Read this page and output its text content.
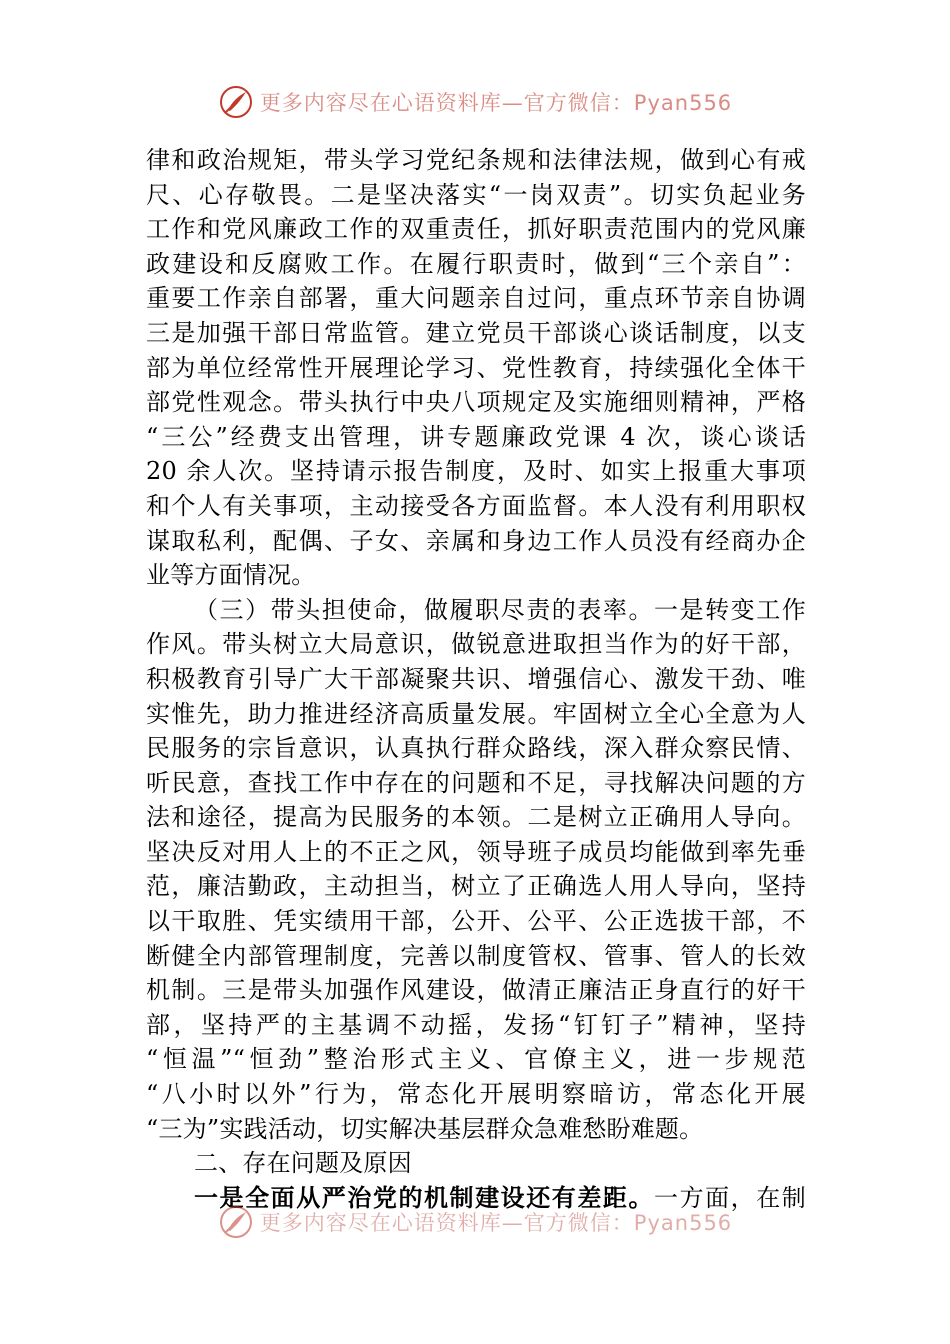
更多内容尽在心语资料库—官方微信：Pyan556
律和政治规矩，带头学习党纪条规和法律法规，做到心有戒
尺、心存敬畏。二是坚决落实“一岗双责”。切实负起业务
工作和党风廉政工作的双重责任，抓好职责范围内的党风廉
政建设和反腐败工作。在履行职责时，做到“三个亲自”：
重要工作亲自部署，重大问题亲自过问，重点环节亲自协调
三是加强干部日常监管。建立党员干部谈心谈话制度，以支
部为单位经常性开展理论学习、党性教育，持续强化全体干
部党性观念。带头执行中央八项规定及实施细则精神，严格
“三公”经费支出管理，讲专题廉政党课 4 次，谈心谈话
20 余人次。坚持请示报告制度，及时、如实上报重大事项
和个人有关事项，主动接受各方面监督。本人没有利用职权
谋取私利，配偶、子女、亲属和身边工作人员没有经商办企
业等方面情况。
（三）带头担使命，做履职尽责的表率。一是转变工作
作风。带头树立大局意识，做锐意进取担当作为的好干部，
积极教育引导广大干部凝聚共识、增强信心、激发干劲、唯
实惟先，助力推进经济高质量发展。牢固树立全心全意为人
民服务的宗旨意识，认真执行群众路线，深入群众察民情、
听民意，查找工作中存在的问题和不足，寻找解决问题的方
法和途径，提高为民服务的本领。二是树立正确用人导向。
坚决反对用人上的不正之风，领导班子成员均能做到率先垂
范，廉洁勤政，主动担当，树立了正确选人用人导向，坚持
以干取胜、凭实绩用干部，公开、公平、公正选拔干部，不
断健全内部管理制度，完善以制度管权、管事、管人的长效
机制。三是带头加强作风建设，做清正廉洁正身直行的好干
部，坚持严的主基调不动摇，发扬“钉钉子”精神，坚持
“恒温”“恒劲”整治形式主义、官僚主义，进一步规范
“八小时以外”行为，常态化开展明察暗访，常态化开展
“三为”实践活动，切实解决基层群众急难愁盼难题。
二、存在问题及原因
一是全面从严治党的机制建设还有差距。一方面，在制
更多内容尽在心语资料库—官方微信：Pyan556
